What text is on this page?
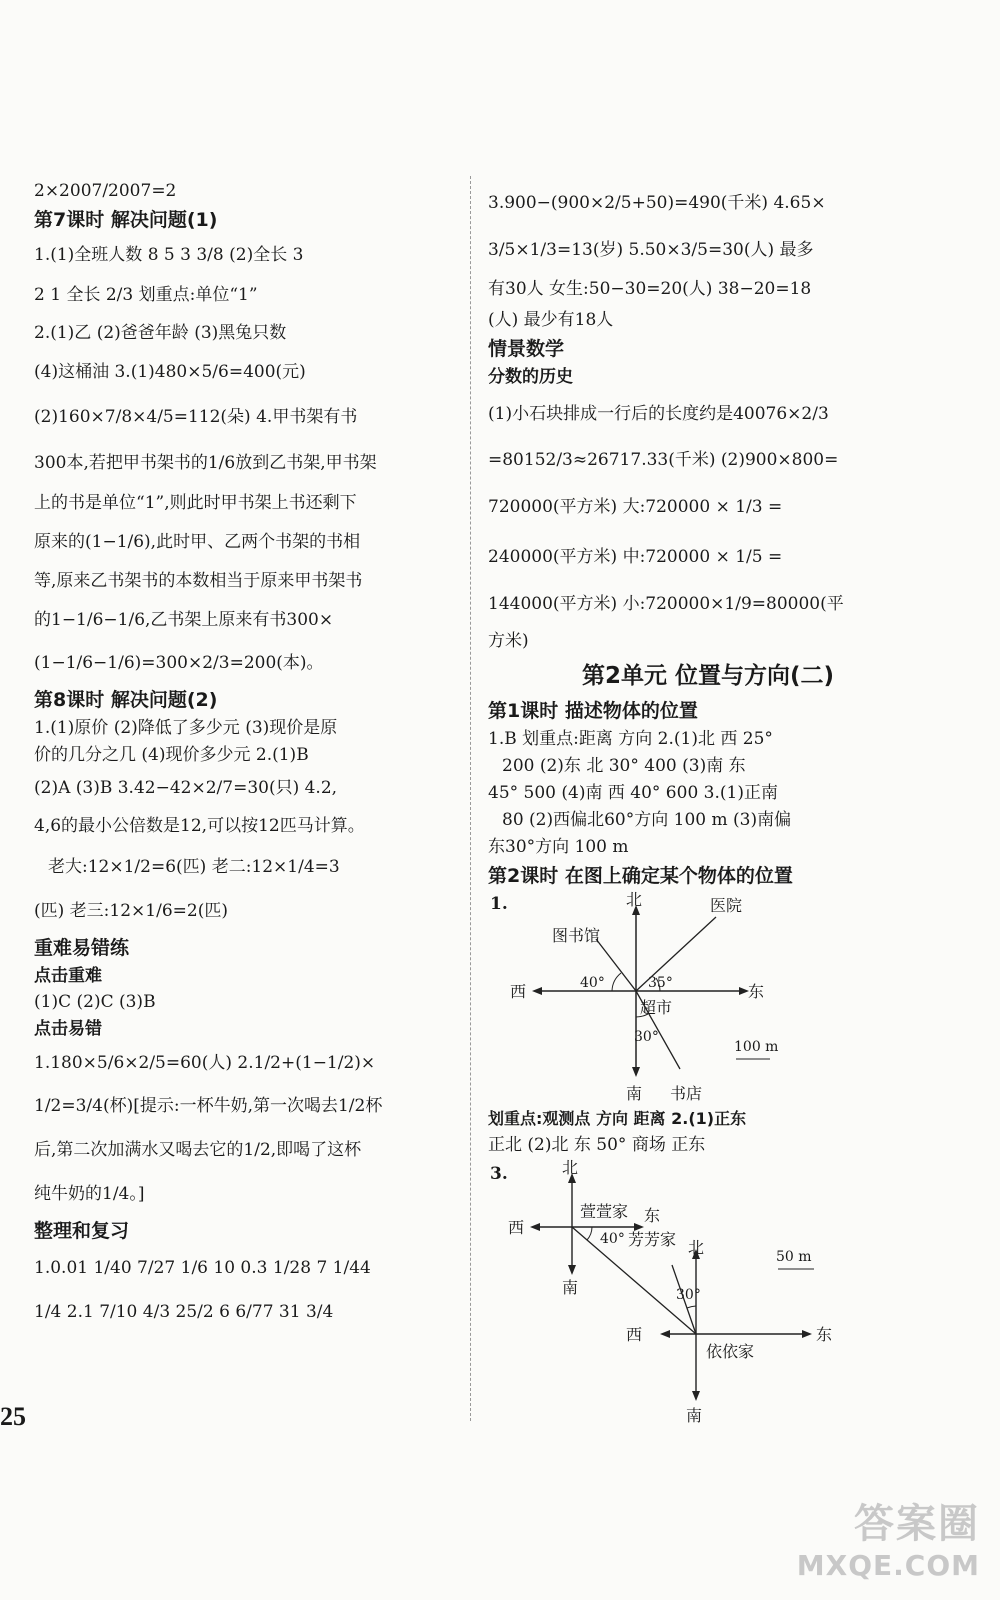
2×2007/2007=2
第7课时 解决问题(1)
1.(1)全班人数 8 5 3 3/8 (2)全长 3
2 1 全长 2/3 划重点:单位“1”
2.(1)乙 (2)爸爸年龄 (3)黑兔只数
(4)这桶油 3.(1)480×5/6=400(元)
(2)160×7/8×4/5=112(朵) 4.甲书架有书
300本,若把甲书架书的1/6放到乙书架,甲书架
上的书是单位“1”,则此时甲书架上书还剩下
原来的(1−1/6),此时甲、乙两个书架的书相
等,原来乙书架书的本数相当于原来甲书架书
的1−1/6−1/6,乙书架上原来有书300×
(1−1/6−1/6)=300×2/3=200(本)。
第8课时 解决问题(2)
1.(1)原价 (2)降低了多少元 (3)现价是原
价的几分之几 (4)现价多少元 2.(1)B
(2)A (3)B 3.42−42×2/7=30(只) 4.2,
4,6的最小公倍数是12,可以按12匹马计算。
老大:12×1/2=6(匹) 老二:12×1/4=3
(匹) 老三:12×1/6=2(匹)
重难易错练
点击重难
(1)C (2)C (3)B
点击易错
1.180×5/6×2/5=60(人) 2.1/2+(1−1/2)×
1/2=3/4(杯)[提示:一杯牛奶,第一次喝去1/2杯
后,第二次加满水又喝去它的1/2,即喝了这杯
纯牛奶的1/4。]
整理和复习
1.0.01 1/40 7/27 1/6 10 0.3 1/28 7 1/44
1/4 2.1 7/10 4/3 25/2 6 6/77 31 3/4
3.900−(900×2/5+50)=490(千米) 4.65×
3/5×1/3=13(岁) 5.50×3/5=30(人) 最多
有30人 女生:50−30=20(人) 38−20=18
(人) 最少有18人
情景数学
分数的历史
(1)小石块排成一行后的长度约是40076×2/3
=80152/3≈26717.33(千米) (2)900×800=
720000(平方米) 大:720000 × 1/3 =
240000(平方米) 中:720000 × 1/5 =
144000(平方米) 小:720000×1/9=80000(平
方米)
第2单元 位置与方向(二)
第1课时 描述物体的位置
1.B 划重点:距离 方向 2.(1)北 西 25°
200 (2)东 北 30° 400 (3)南 东
45° 500 (4)南 西 40° 600 3.(1)正南
80 (2)西偏北60°方向 100 m (3)南偏
东30°方向 100 m
第2课时 在图上确定某个物体的位置
1.	北
南
西	东
图书馆
医院
超市
书店
40°	35°
30°
100 m
划重点:观测点 方向 距离 2.(1)正东
正北 (2)北 东 50° 商场 正东
3.	北
南
西
东
萱萱家
芳芳家
依依家
40°
30°
北
南
西	东
50 m
25
答案圈
MXQE.COM
